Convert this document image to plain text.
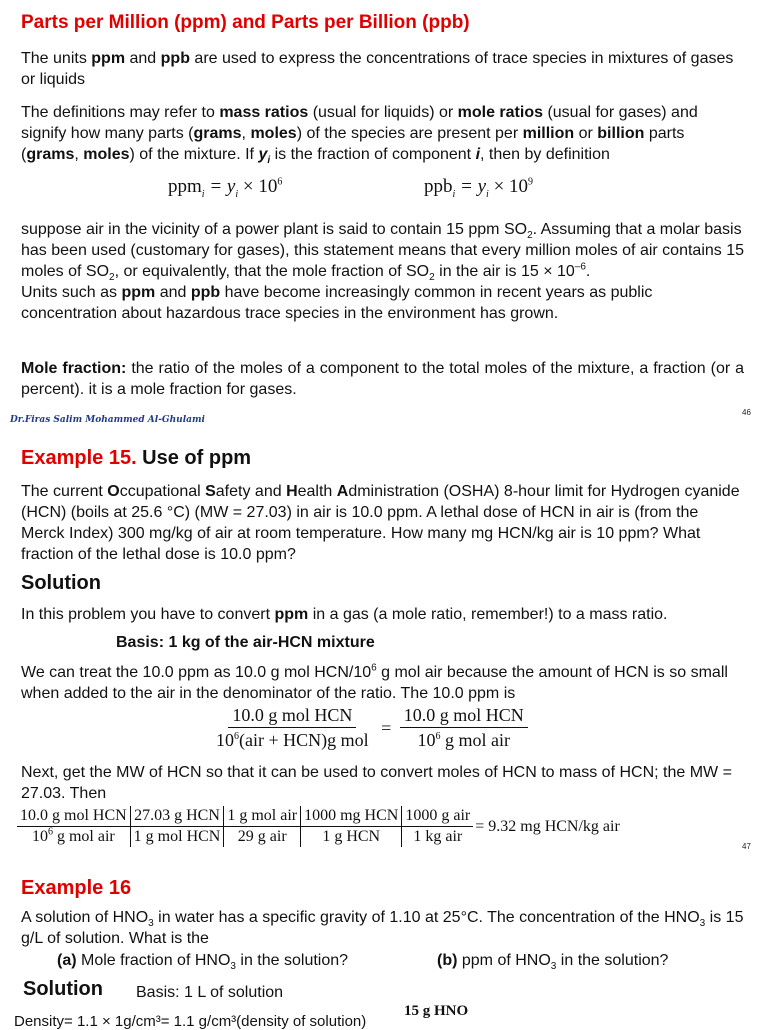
Parts per Million (ppm) and Parts per Billion (ppb)

The units ppm and ppb are used to express the concentrations of trace species in mixtures of gases or liquids

The definitions may refer to mass ratios (usual for liquids) or mole ratios (usual for gases) and signify how many parts (grams, moles) of the species are present per million or billion parts (grams, moles) of the mixture. If $y_i$ is the fraction of component i, then by definition

$ppm_i = y_i \times 10^6$	$ppb_i = y_i \times 10^9$

suppose air in the vicinity of a power plant is said to contain 15 ppm $SO_2$. Assuming that a molar basis has been used (customary for gases), this statement means that every million moles of air contains 15 moles of $SO_2$, or equivalently, that the mole fraction of $SO_2$ in the air is $15 \times 10^{-6}$.

Units such as ppm and ppb have become increasingly common in recent years as public concentration about hazardous trace species in the environment has grown.

Mole fraction: the ratio of the moles of a component to the total moles of the mixture, a fraction (or a percent). it is a mole fraction for gases.

Dr.Firas Salim Mohammed Al-Ghulami
46
Example 15. Use of ppm

The current Occupational Safety and Health Administration (OSHA) 8-hour limit for Hydrogen cyanide (HCN) (boils at 25.6 °C) (MW = 27.03) in air is 10.0 ppm. A lethal dose of HCN in air is (from the Merck Index) 300 mg/kg of air at room temperature. How many mg HCN/kg air is 10 ppm? What fraction of the lethal dose is 10.0 ppm?

Solution

In this problem you have to convert ppm in a gas (a mole ratio, remember!) to a mass ratio.

Basis: 1 kg of the air-HCN mixture

We can treat the 10.0 ppm as 10.0 g mol HCN/$10^6$ g mol air because the amount of HCN is so small when added to the air in the denominator of the ratio. The 10.0 ppm is

$\frac{\text{10.0 g mol HCN}}{10^6(air + HCN)g mol} = \frac{\text{10.0 g mol HCN}}{10^6 g mol air}$

Next, get the MW of HCN so that it can be used to convert moles of HCN to mass of HCN; the MW = 27.03. Then

10.0 g mol HCN	27.03 g HCN	1 g mol air	1000 mg HCN	1000 g air	= 9.32 mg HCN/kg air
$10^6$ g mol air	1 g mol HCN	29 g air	1 g HCN	1 kg air	
47
Example 16

A solution of $HNO_3$ in water has a specific gravity of 1.10 at 25°C. The concentration of the $HNO_3$ is 15 g/L of solution. What is the

(a) Mole fraction of $HNO_3$ in the solution?	(b) ppm of $HNO_3$ in the solution?

Solution Basis: 1 L of solution

15 g HNO
Density= 1.1 × 1g/cm³= 1.1 g/cm³(density of solution)
